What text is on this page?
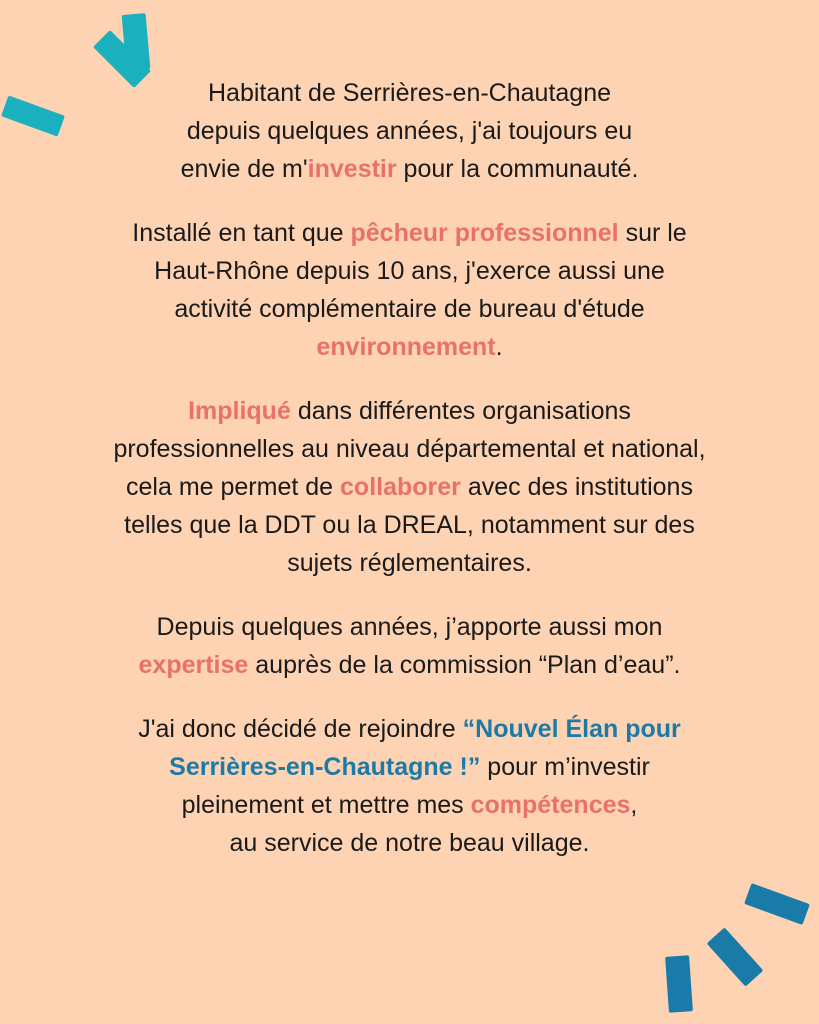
Habitant de Serrières-en-Chautagne
depuis quelques années, j'ai toujours eu
envie de m'investir pour la communauté.

Installé en tant que pêcheur professionnel sur le
Haut-Rhône depuis 10 ans, j'exerce aussi une
activité complémentaire de bureau d'étude
environnement.

Impliqué dans différentes organisations
professionnelles au niveau départemental et national,
cela me permet de collaborer avec des institutions
telles que la DDT ou la DREAL, notamment sur des
sujets réglementaires.

Depuis quelques années, j’apporte aussi mon
expertise auprès de la commission “Plan d’eau”.

J'ai donc décidé de rejoindre “Nouvel Élan pour
Serrières-en-Chautagne !” pour m’investir
pleinement et mettre mes compétences,
au service de notre beau village.
